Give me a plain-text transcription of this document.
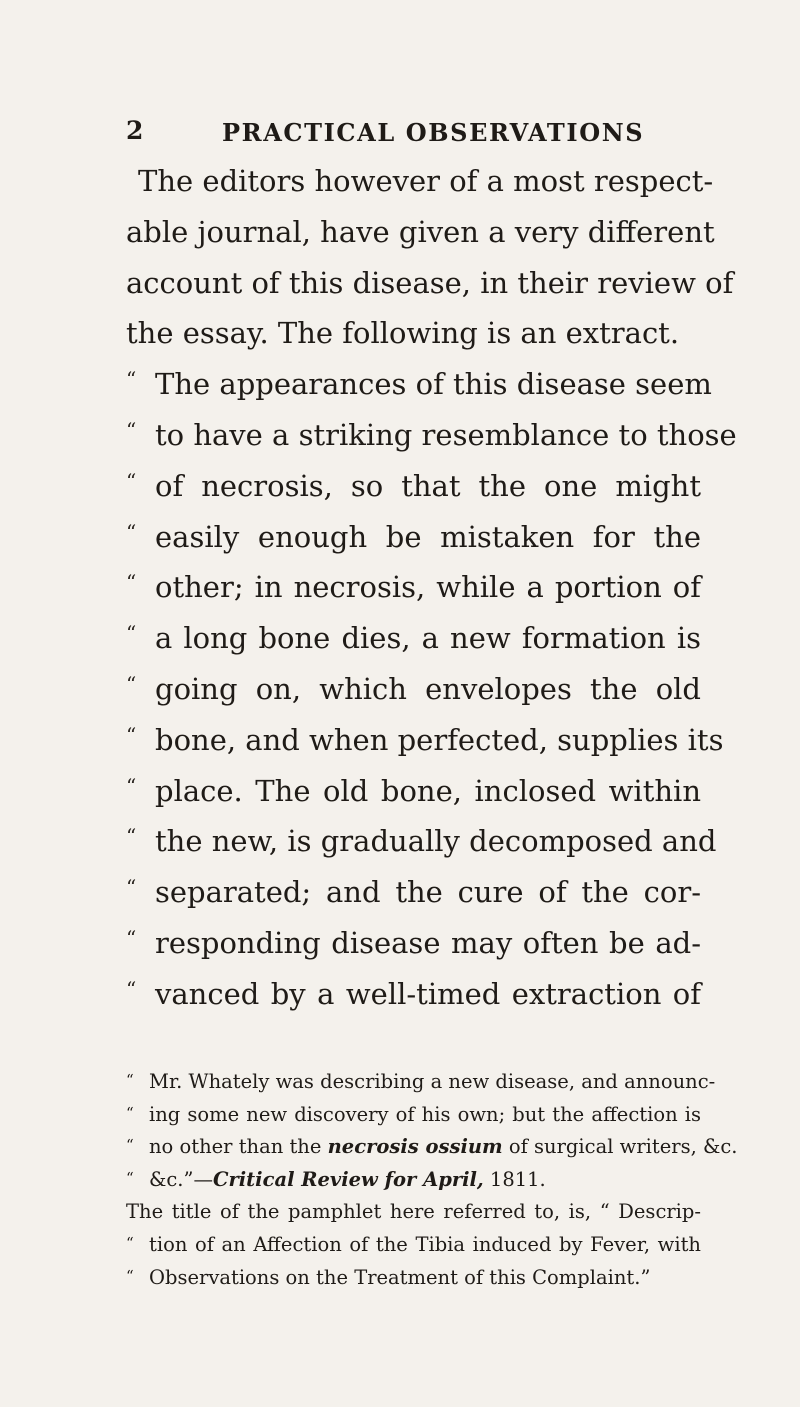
2	PRACTICAL OBSERVATIONS
The editors however of a most respect-
able journal, have given a very different
account of this disease, in their review of
the essay. The following is an extract.
“ The appearances of this disease seem
“ to have a striking resemblance to those
“ of necrosis, so that the one might
“ easily enough be mistaken for the
“ other; in necrosis, while a portion of
“ a long bone dies, a new formation is
“ going on, which envelopes the old
“ bone, and when perfected, supplies its
“ place. The old bone, inclosed within
“ the new, is gradually decomposed and
“ separated; and the cure of the cor-
“ responding disease may often be ad-
“ vanced by a well-timed extraction of
“ Mr. Whately was describing a new disease, and announc-
“ ing some new discovery of his own; but the affection is
“ no other than the necrosis ossium of surgical writers, &c.
“ &c.”—Critical Review for April, 1811.
The title of the pamphlet here referred to, is, “ Descrip-
“ tion of an Affection of the Tibia induced by Fever, with
“ Observations on the Treatment of this Complaint.”
